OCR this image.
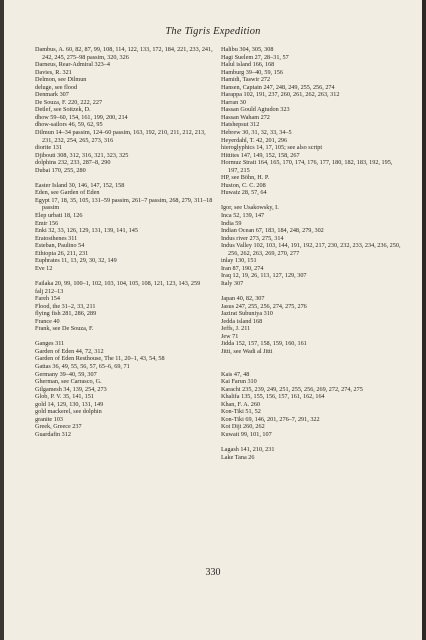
The Tigris Expedition
Dambus, A. 60, 82, 87, 99, 108, 114, 122, 133, 172, 184, 221, 233, 241, 242, 245, 275–98 passim, 320, 326
Darneus, Rear-Admiral 323–4
Davies, R. 321
Delmon, see Dilmun
deluge, see flood
Denmark 307
De Souza, F. 220, 222, 227
Detlef, see Soitzek, D.
dhow 59–60, 154, 161, 199, 200, 214
dhow-sailors 46, 59, 62, 95
Dilmun 14–34 passim, 124–60 passim, 163, 192, 210, 211, 212, 213, 231, 232, 254, 265, 273, 316
diorite 131
Djibouti 308, 312, 316, 321, 323, 325
dolphins 232, 233, 287–8, 290
Dubai 170, 255, 280
Easter Island 30, 146, 147, 152, 158
Eden, see Garden of Eden
Egypt 17, 18, 35, 105, 131–59 passim, 261–7 passim, 268, 279, 311–18 passim
Elep urbati 18, 126
Emir 156
Enki 32, 33, 126, 129, 131, 139, 141, 145
Eratosthenes 311
Esteban, Paulino 54
Ethiopia 26, 211, 231
Euphrates 11, 13, 29, 30, 32, 149
Eve 12
Failaka 20, 99, 100–1, 102, 103, 104, 105, 108, 121, 123, 143, 259
falj 212–13
Fareh 154
Flood, the 31–2, 33, 211
flying fish 281, 286, 289
France 40
Frank, see De Souza, F.
Ganges 311
Garden of Eden 44, 72, 312
Garden of Eden Resthouse, The 11, 20–1, 43, 54, 58
Gattas 36, 49, 55, 56, 57, 65–6, 69, 71
Germany 39–40, 59, 307
Gherman, see Carrasco, G.
Gilgamesh 34, 139, 254, 273
Glob, P. V. 35, 141, 151
gold 14, 129, 130, 131, 149
gold mackerel, see dolphin
granite 103
Greek, Greece 237
Guardafin 312
Halibu 304, 305, 308
Hagi Suelem 27, 28–31, 57
Halul island 166, 168
Hamburg 39–40, 59, 156
Hamidi, Taswir 272
Hansen, Captain 247, 248, 249, 255, 256, 274
Harappa 102, 191, 237, 260, 261, 262, 263, 312
Harran 30
Hassan Gould Agtudon 323
Hassan Waham 272
Hatshepsut 312
Hebrew 30, 31, 32, 33, 34–5
Heyerdahl, T. 42, 201, 296
hieroglyphics 14, 17, 105; see also script
Hittites 147, 149, 152, 158, 267
Hormuz Strait 164, 165, 170, 174, 176, 177, 180, 182, 183, 192, 195, 197, 215
HP, see Böhn, H. P.
Huston, C. C. 208
Huwaiz 28, 57, 64
Igor, see Usakowsky, I.
Inca 52, 139, 147
India 59
Indian Ocean 67, 183, 184, 248, 279, 302
Indus river 273, 275, 314
Indus Valley 102, 103, 144, 191, 192, 217, 230, 232, 233, 234, 236, 250, 256, 262, 263, 269, 270, 277
inlay 130, 151
Iran 87, 190, 274
Iraq 12, 19, 26, 113, 127, 129, 307
Italy 307
Japan 40, 82, 307
Jasus 247, 255, 256, 274, 275, 276
Jazirat Subuniya 310
Jedda island 168
Jeffs, J. 211
Jew 71
Jidda 152, 157, 158, 159, 160, 161
Jitti, see Wadi al Jitti
Kais 47, 48
Kai Farun 310
Karachi 235, 239, 249, 251, 255, 256, 269, 272, 274, 275
Khalifa 135, 155, 156, 157, 161, 162, 164
Khan, F. A. 260
Kon-Tiki 51, 52
Kon-Tiki 69, 146, 201, 276–7, 291, 322
Kot Diji 260, 262
Kuwait 99, 101, 107
Lagash 141, 210, 231
Lake Tana 26
330
